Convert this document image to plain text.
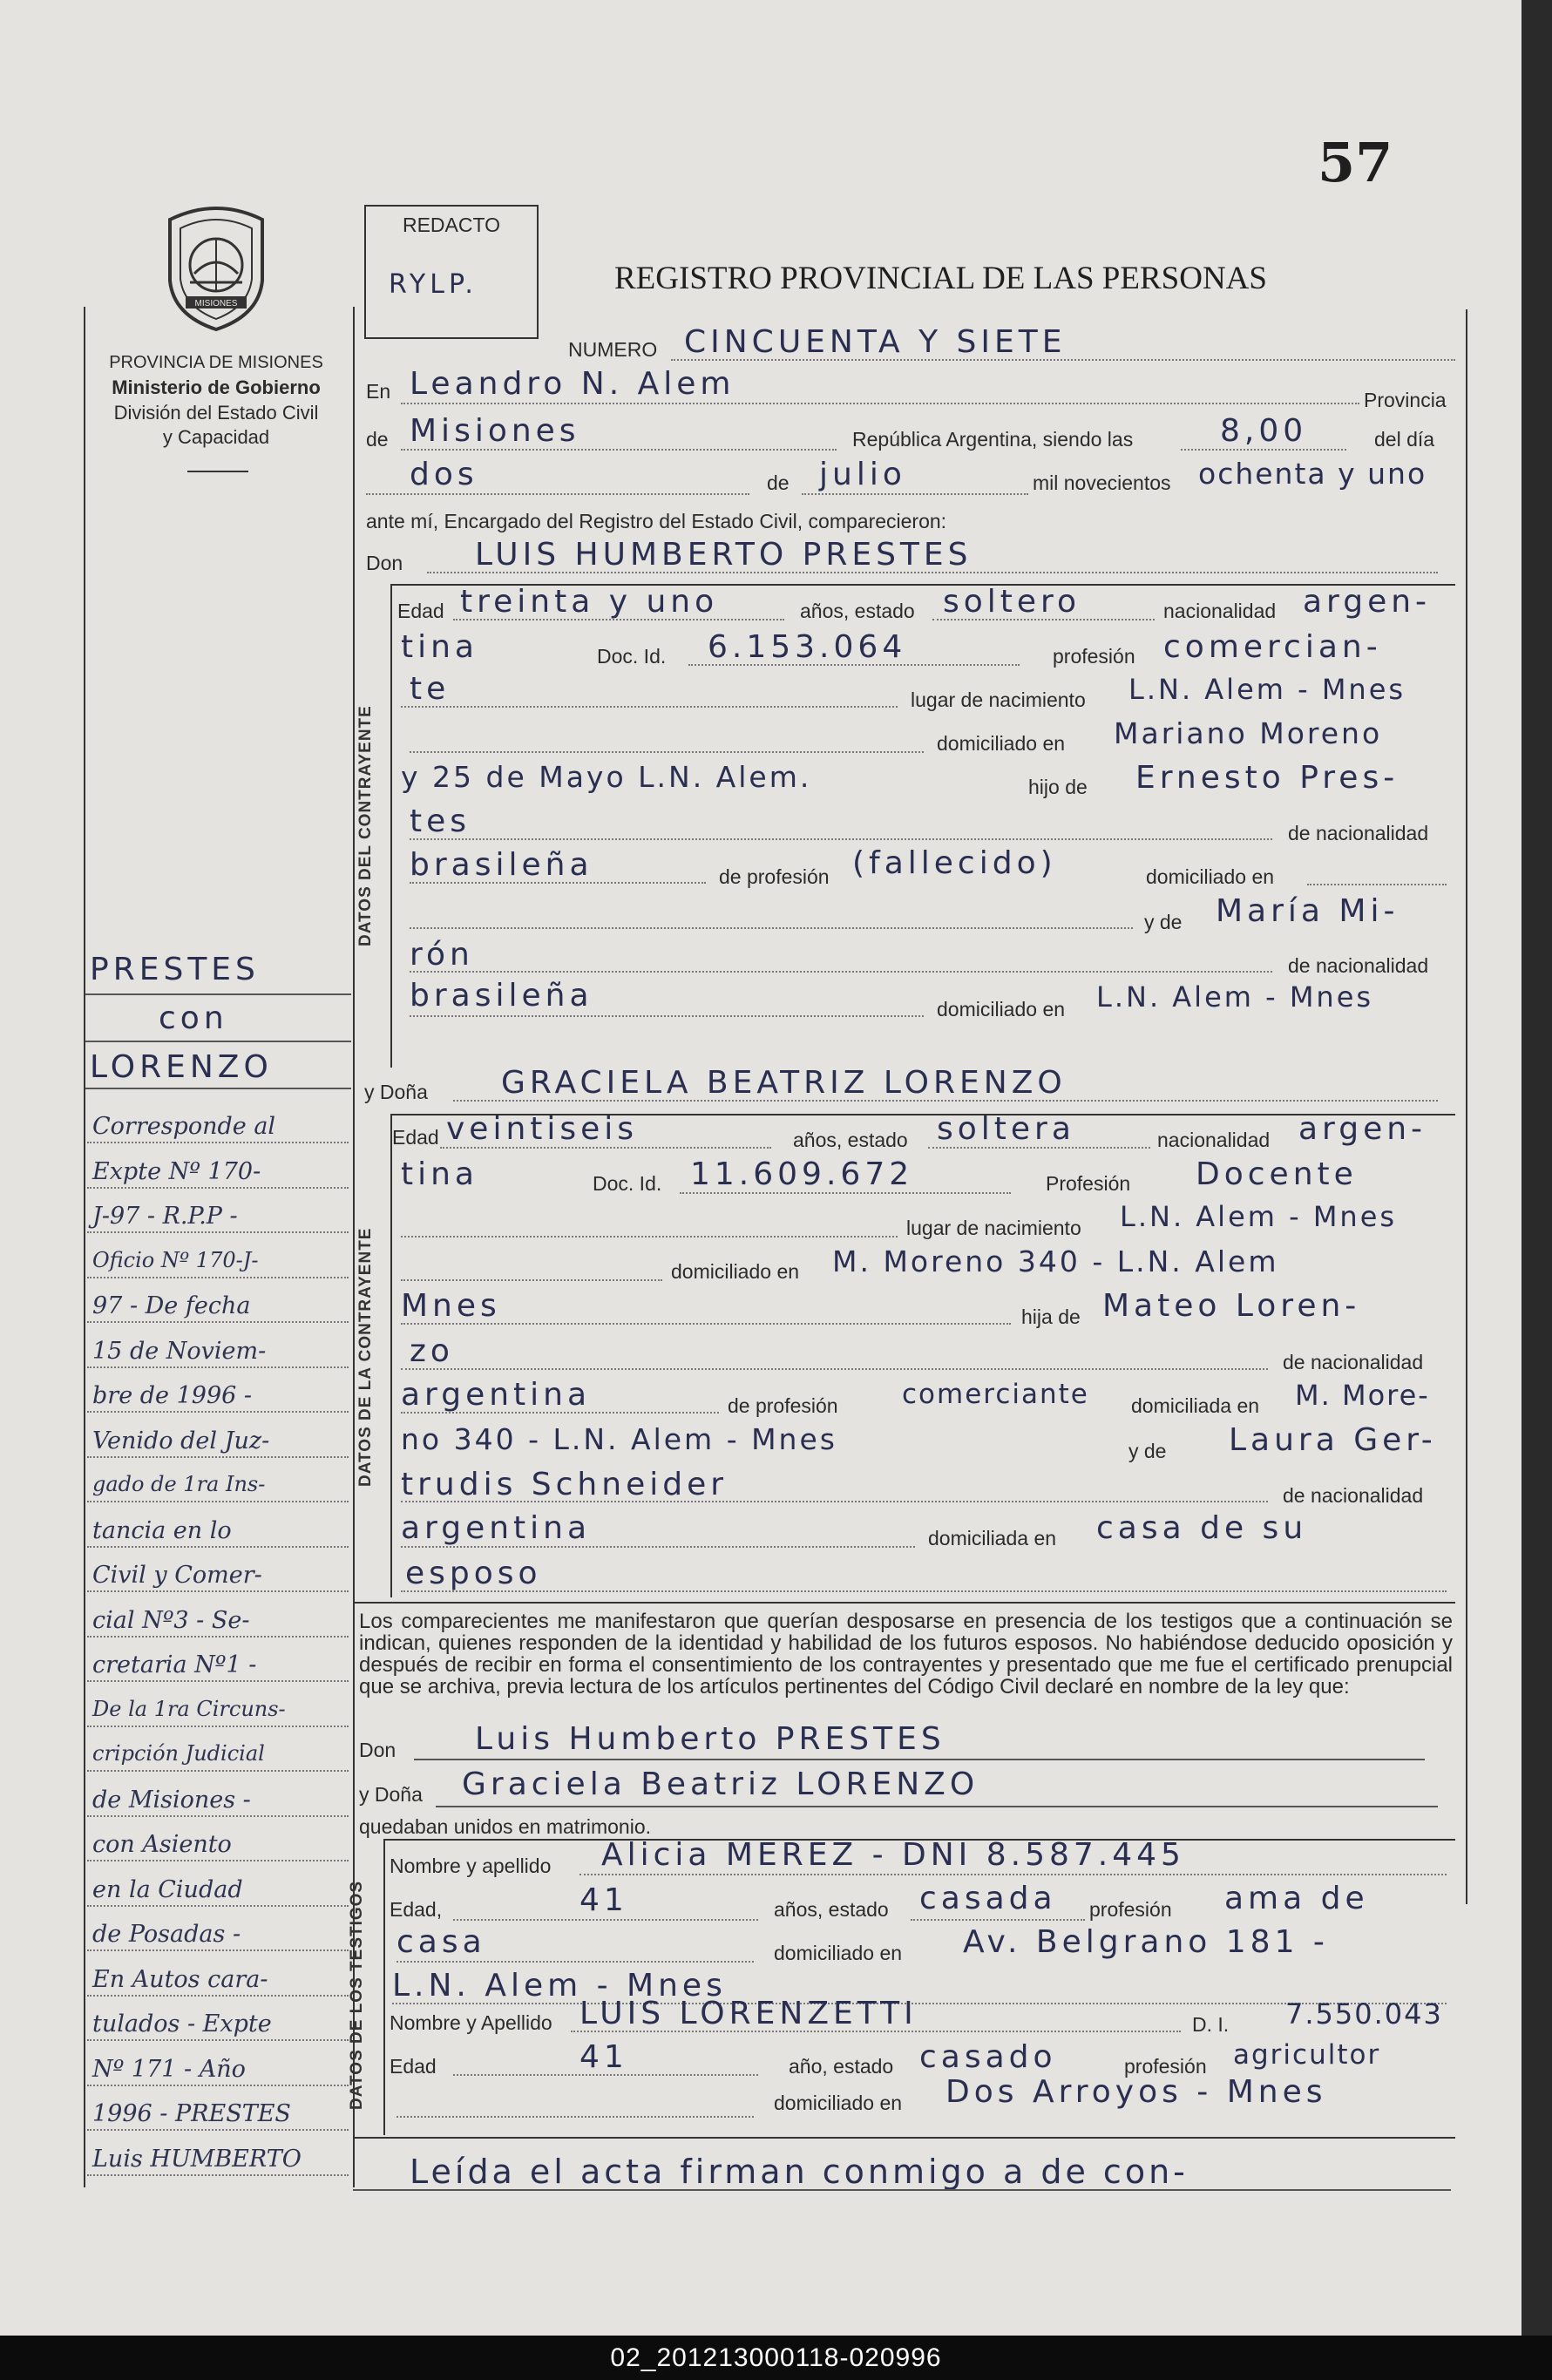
57
MISIONES
PROVINCIA DE MISIONES
Ministerio de Gobierno
División del Estado Civil
y Capacidad
REDACTO
RYLP.	REGISTRO PROVINCIAL DE LAS PERSONAS
NUMERO CINCUENTA Y SIETE
En Leandro N. Alem	Provincia
de Misiones	República Argentina, siendo las	8,00	del día
dos	de julio	mil novecientos ochenta y uno
ante mí, Encargado del Registro del Estado Civil, comparecieron:
Don LUIS HUMBERTO PRESTES
DATOS DEL CONTRAYENTE
Edad treinta y uno	años, estado soltero	nacionalidad argen-
tina	Doc. Id. 6.153.064	profesión comercian-
te	lugar de nacimiento L.N. Alem - Mnes
domiciliado en Mariano Moreno
y 25 de Mayo L.N. Alem.	hijo de Ernesto Pres-
tes	de nacionalidad
brasileña	de profesión (fallecido)	domiciliado en
y de María Mi-
rón	de nacionalidad
brasileña	domiciliado en L.N. Alem - Mnes
y Doña GRACIELA BEATRIZ LORENZO
DATOS DE LA CONTRAYENTE
Edad veintiseis	años, estado soltera	nacionalidad argen-
tina	Doc. Id. 11.609.672	Profesión Docente
lugar de nacimiento L.N. Alem - Mnes
domiciliado en M. Moreno 340 - L.N. Alem
Mnes	hija de Mateo Loren-
zo	de nacionalidad
argentina	de profesión comerciante domiciliada en M. More-
no 340 - L.N. Alem - Mnes	y de Laura Ger-
trudis Schneider	de nacionalidad
argentina	domiciliada en casa de su
esposo
Los comparecientes me manifestaron que querían desposarse en presencia de los testigos que a continuación se indican, quienes responden de la identidad y habilidad de los futuros esposos. No habiéndose deducido oposición y después de recibir en forma el consentimiento de los contrayentes y presentado que me fue el certificado prenupcial que se archiva, previa lectura de los artículos pertinentes del Código Civil declaré en nombre de la ley que:
Don	Luis Humberto PRESTES
y Doña Graciela Beatriz LORENZO
quedaban unidos en matrimonio.
DATOS DE LOS TESTIGOS
Nombre y apellido Alicia MEREZ - DNI 8.587.445
Edad,	41	años, estado casada profesión ama de
casa	domiciliado en Av. Belgrano 181 -
L.N. Alem - Mnes
Nombre y Apellido LUIS LORENZETTI	D. I. 7.550.043
Edad	41	año, estado casado	profesión agricultor
domiciliado en Dos Arroyos - Mnes
Leída el acta firman conmigo a de con-
PRESTES
con
LORENZO
Corresponde al
Expte Nº 170-
J-97 - R.P.P -
Oficio Nº 170-J-
97 - De fecha
15 de Noviem-
bre de 1996 -
Venido del Juz-
gado de 1ra Ins-
tancia en lo
Civil y Comer-
cial Nº3 - Se-
cretaria Nº1 -
De la 1ra Circuns-
cripción Judicial
de Misiones -
con Asiento
en la Ciudad
de Posadas -
En Autos cara-
tulados - Expte
Nº 171 - Año
1996 - PRESTES
Luis HUMBERTO
02_201213000118-020996
